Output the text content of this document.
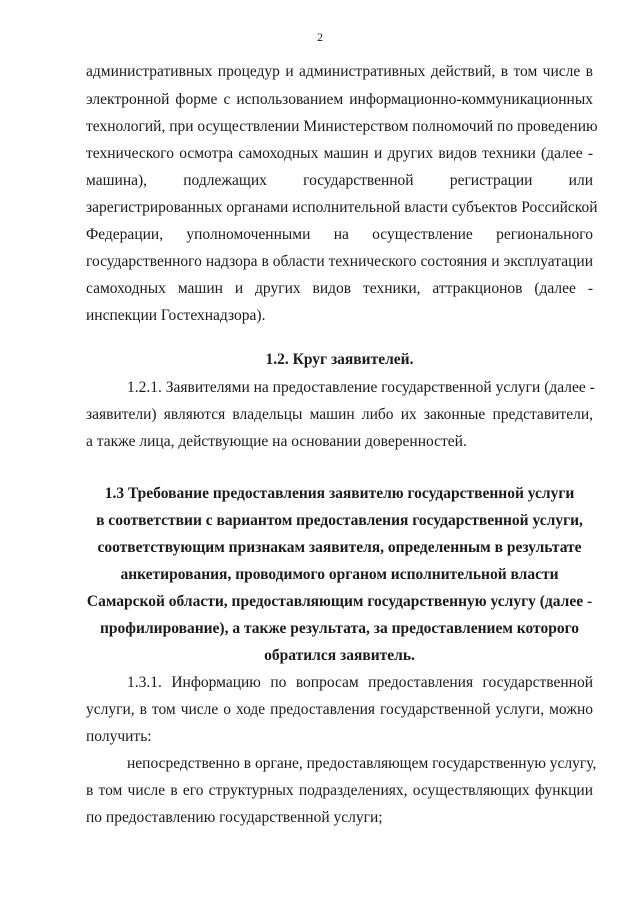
2
административных процедур и административных действий, в том числе в
электронной форме с использованием информационно-коммуникационных
технологий, при осуществлении Министерством полномочий по проведению
технического осмотра самоходных машин и других видов техники (далее -
машина), подлежащих государственной регистрации или
зарегистрированных органами исполнительной власти субъектов Российской
Федерации, уполномоченными на осуществление регионального
государственного надзора в области технического состояния и эксплуатации
самоходных машин и других видов техники, аттракционов (далее -
инспекции Гостехнадзора).
1.2. Круг заявителей.
1.2.1. Заявителями на предоставление государственной услуги (далее -
заявители) являются владельцы машин либо их законные представители,
а также лица, действующие на основании доверенностей.
1.3 Требование предоставления заявителю государственной услуги
в соответствии с вариантом предоставления государственной услуги,
соответствующим признакам заявителя, определенным в результате
анкетирования, проводимого органом исполнительной власти
Самарской области, предоставляющим государственную услугу (далее -
профилирование), а также результата, за предоставлением которого
обратился заявитель.
1.3.1. Информацию по вопросам предоставления государственной
услуги, в том числе о ходе предоставления государственной услуги, можно
получить:
непосредственно в органе, предоставляющем государственную услугу,
в том числе в его структурных подразделениях, осуществляющих функции
по предоставлению государственной услуги;
